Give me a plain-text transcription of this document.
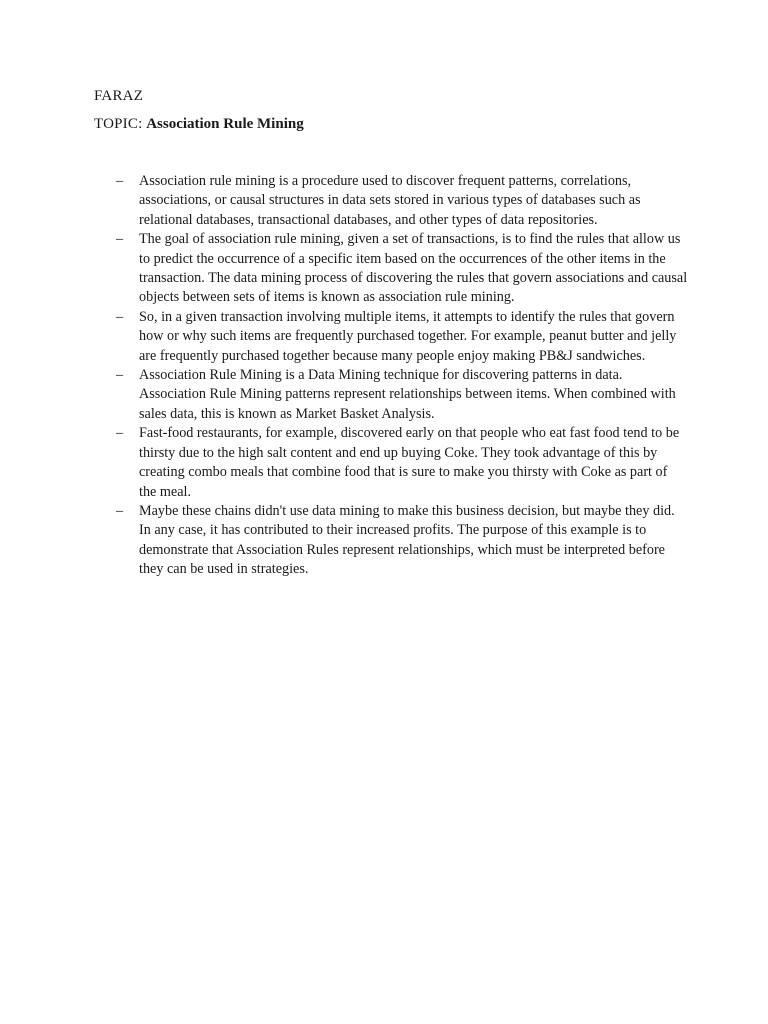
FARAZ
TOPIC: Association Rule Mining
– Association rule mining is a procedure used to discover frequent patterns, correlations, associations, or causal structures in data sets stored in various types of databases such as relational databases, transactional databases, and other types of data repositories.
– The goal of association rule mining, given a set of transactions, is to find the rules that allow us to predict the occurrence of a specific item based on the occurrences of the other items in the transaction. The data mining process of discovering the rules that govern associations and causal objects between sets of items is known as association rule mining.
– So, in a given transaction involving multiple items, it attempts to identify the rules that govern how or why such items are frequently purchased together. For example, peanut butter and jelly are frequently purchased together because many people enjoy making PB&J sandwiches.
– Association Rule Mining is a Data Mining technique for discovering patterns in data. Association Rule Mining patterns represent relationships between items. When combined with sales data, this is known as Market Basket Analysis.
– Fast-food restaurants, for example, discovered early on that people who eat fast food tend to be thirsty due to the high salt content and end up buying Coke. They took advantage of this by creating combo meals that combine food that is sure to make you thirsty with Coke as part of the meal.
– Maybe these chains didn't use data mining to make this business decision, but maybe they did. In any case, it has contributed to their increased profits. The purpose of this example is to demonstrate that Association Rules represent relationships, which must be interpreted before they can be used in strategies.
